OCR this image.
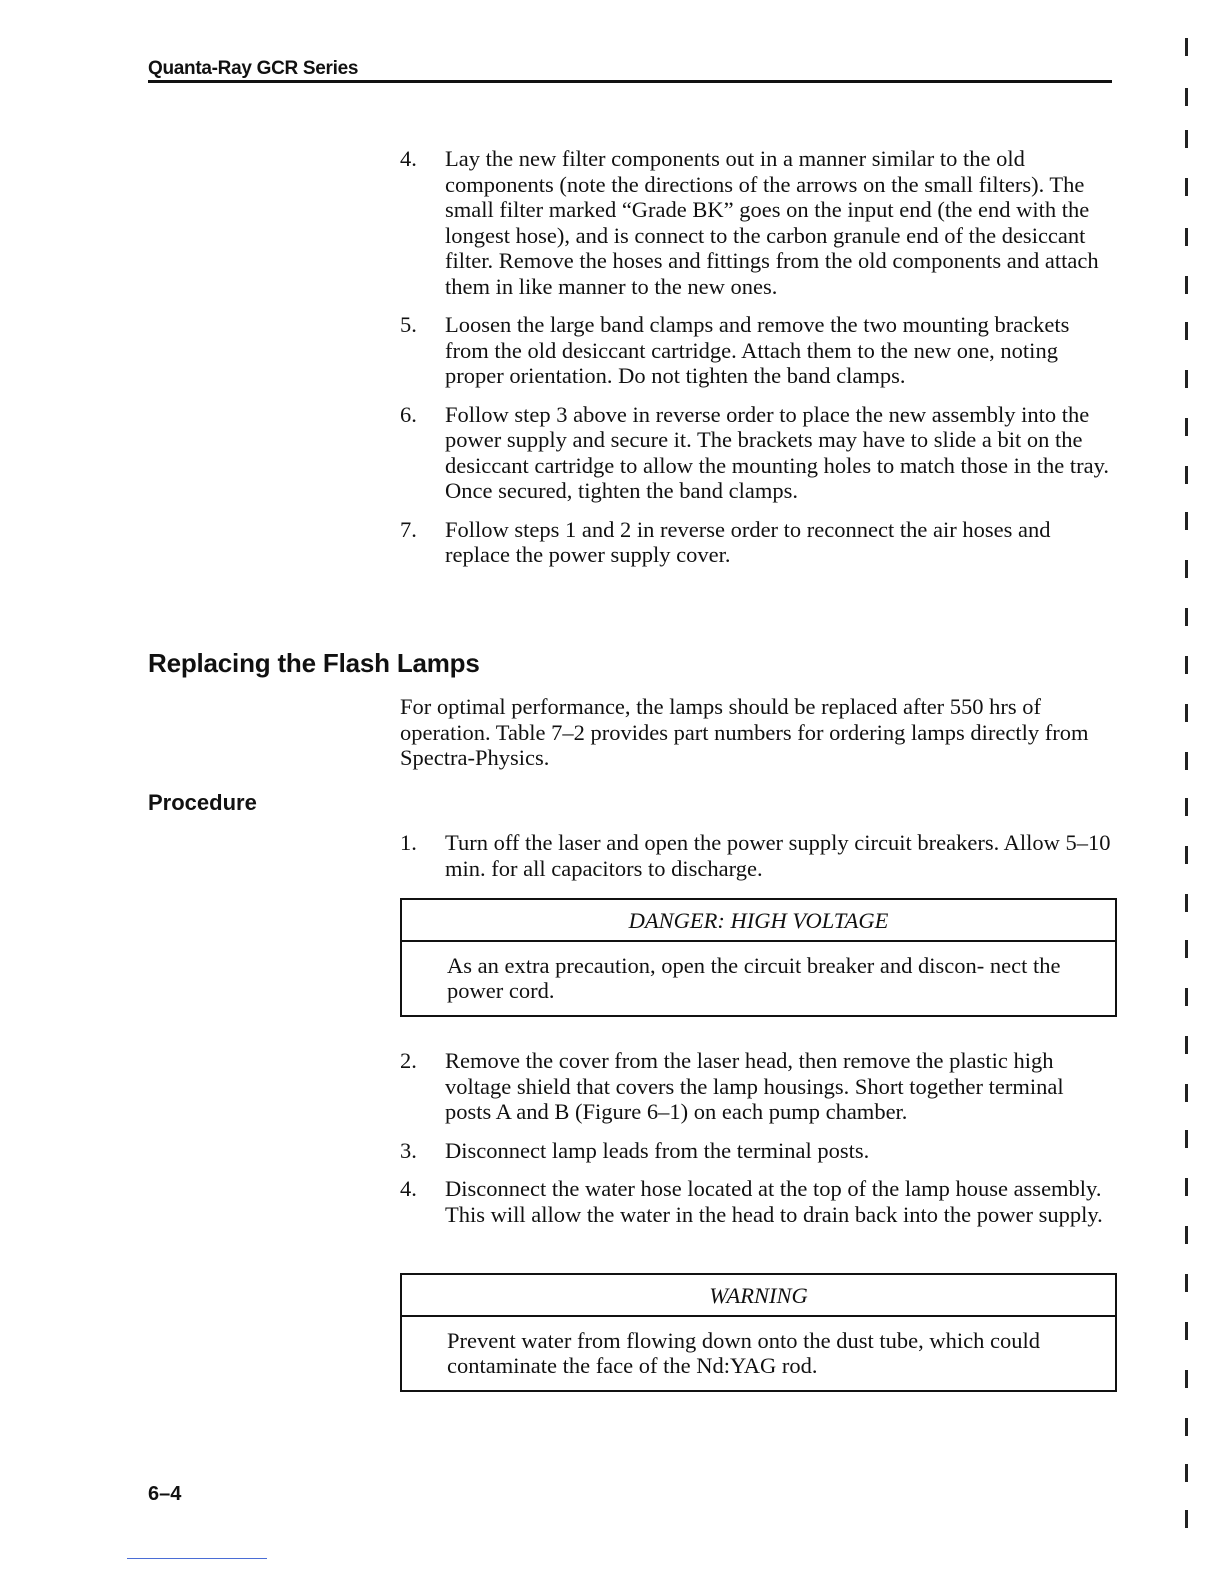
Quanta-Ray GCR Series
4.	Lay the new filter components out in a manner similar to the old components (note the directions of the arrows on the small filters). The small filter marked “Grade BK” goes on the input end (the end with the longest hose), and is connect to the carbon granule end of the desiccant filter. Remove the hoses and fittings from the old components and attach them in like manner to the new ones.
5.	Loosen the large band clamps and remove the two mounting brackets from the old desiccant cartridge. Attach them to the new one, noting proper orientation. Do not tighten the band clamps.
6.	Follow step 3 above in reverse order to place the new assembly into the power supply and secure it. The brackets may have to slide a bit on the desiccant cartridge to allow the mounting holes to match those in the tray. Once secured, tighten the band clamps.
7.	Follow steps 1 and 2 in reverse order to reconnect the air hoses and replace the power supply cover.
Replacing the Flash Lamps
For optimal performance, the lamps should be replaced after 550 hrs of operation. Table 7–2 provides part numbers for ordering lamps directly from Spectra-Physics.
Procedure
1.	Turn off the laser and open the power supply circuit breakers. Allow 5–10 min. for all capacitors to discharge.
DANGER: HIGH VOLTAGE
As an extra precaution, open the circuit breaker and discon- nect the power cord.
2.	Remove the cover from the laser head, then remove the plastic high voltage shield that covers the lamp housings. Short together terminal posts A and B (Figure 6–1) on each pump chamber.
3.	Disconnect lamp leads from the terminal posts.
4.	Disconnect the water hose located at the top of the lamp house assembly. This will allow the water in the head to drain back into the power supply.
WARNING
Prevent water from flowing down onto the dust tube, which could contaminate the face of the Nd:YAG rod.
6–4
